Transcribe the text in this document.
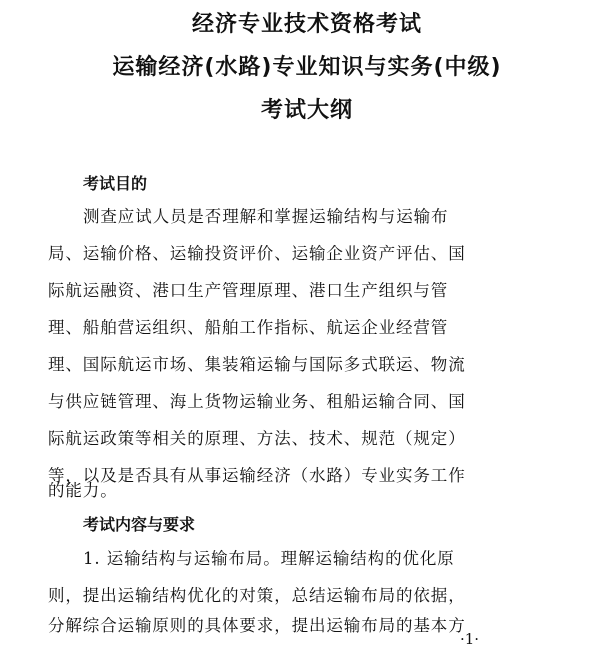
经济专业技术资格考试
运输经济(水路)专业知识与实务(中级)
考试大纲
考试目的
测查应试人员是否理解和掌握运输结构与运输布
局、运输价格、运输投资评价、运输企业资产评估、国
际航运融资、港口生产管理原理、港口生产组织与管
理、船舶营运组织、船舶工作指标、航运企业经营管
理、国际航运市场、集装箱运输与国际多式联运、物流
与供应链管理、海上货物运输业务、租船运输合同、国
际航运政策等相关的原理、方法、技术、规范（规定）
等，以及是否具有从事运输经济（水路）专业实务工作
的能力。
考试内容与要求
1. 运输结构与运输布局。理解运输结构的优化原
则，提出运输结构优化的对策，总结运输布局的依据，
分解综合运输原则的具体要求，提出运输布局的基本方
·1·
